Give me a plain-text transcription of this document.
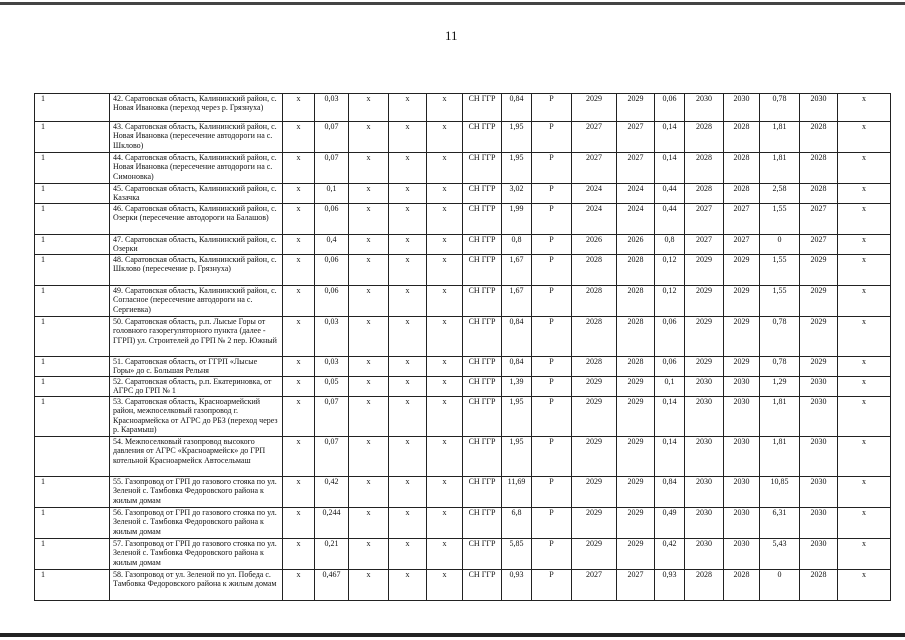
11
1	42. Саратовская область, Калининский район, с. Новая Ивановка (переход через р. Грязнуха)	x	0,03	x	x	x	СН ГГР	0,84	Р	2029	2029	0,06	2030	2030	0,78	2030	x
1	43. Саратовская область, Калининский район, с. Новая Ивановка (пересечение автодороги на с. Шклово)	x	0,07	x	x	x	СН ГГР	1,95	Р	2027	2027	0,14	2028	2028	1,81	2028	x
1	44. Саратовская область, Калининский район, с. Новая Ивановка (пересечение автодороги на с. Симоновка)	x	0,07	x	x	x	СН ГГР	1,95	Р	2027	2027	0,14	2028	2028	1,81	2028	x
1	45. Саратовская область, Калининский район, с. Казачка	x	0,1	x	x	x	СН ГГР	3,02	Р	2024	2024	0,44	2028	2028	2,58	2028	x
1	46. Саратовская область, Калининский район, с. Озерки (пересечение автодороги на Балашов)	x	0,06	x	x	x	СН ГГР	1,99	Р	2024	2024	0,44	2027	2027	1,55	2027	x
1	47. Саратовская область, Калининский район, с. Озерки	x	0,4	x	x	x	СН ГГР	0,8	Р	2026	2026	0,8	2027	2027	0	2027	x
1	48. Саратовская область, Калининский район, с. Шклово (пересечение р. Грязнуха)	x	0,06	x	x	x	СН ГГР	1,67	Р	2028	2028	0,12	2029	2029	1,55	2029	x
1	49. Саратовская область, Калининский район, с. Согласное (пересечение автодороги на с. Сергиевка)	x	0,06	x	x	x	СН ГГР	1,67	Р	2028	2028	0,12	2029	2029	1,55	2029	x
1	50. Саратовская область, р.п. Лысые Горы от головного газорегуляторного пункта (далее - ГГРП) ул. Строителей до ГРП № 2 пер. Южный	x	0,03	x	x	x	СН ГГР	0,84	Р	2028	2028	0,06	2029	2029	0,78	2029	x
1	51. Саратовская область, от ГГРП «Лысые Горы» до с. Большая Рельня	x	0,03	x	x	x	СН ГГР	0,84	Р	2028	2028	0,06	2029	2029	0,78	2029	x
1	52. Саратовская область, р.п. Екатериновка, от АГРС до ГРП № 1	x	0,05	x	x	x	СН ГГР	1,39	Р	2029	2029	0,1	2030	2030	1,29	2030	x
1	53. Саратовская область, Красноармейский район, межпоселковый газопровод г. Красноармейска от АГРС до РБЗ (переход через р. Карамыш)	x	0,07	x	x	x	СН ГГР	1,95	Р	2029	2029	0,14	2030	2030	1,81	2030	x
	54. Межпоселковый газопровод высокого давления от АГРС «Красноармейск» до ГРП котельной Красноармейск Автосельмаш	x	0,07	x	x	x	СН ГГР	1,95	Р	2029	2029	0,14	2030	2030	1,81	2030	x
1	55. Газопровод от ГРП до газового стояка по ул. Зеленой с. Тамбовка Федоровского района к жилым домам	x	0,42	x	x	x	СН ГГР	11,69	Р	2029	2029	0,84	2030	2030	10,85	2030	x
1	56. Газопровод от ГРП до газового стояка по ул. Зеленой с. Тамбовка Федоровского района к жилым домам	x	0,244	x	x	x	СН ГГР	6,8	Р	2029	2029	0,49	2030	2030	6,31	2030	x
1	57. Газопровод от ГРП до газового стояка по ул. Зеленой с. Тамбовка Федоровского района к жилым домам	x	0,21	x	x	x	СН ГГР	5,85	Р	2029	2029	0,42	2030	2030	5,43	2030	x
1	58. Газопровод от ул. Зеленой по ул. Победа с. Тамбовка Федоровского района к жилым домам	x	0,467	x	x	x	СН ГГР	0,93	Р	2027	2027	0,93	2028	2028	0	2028	x
